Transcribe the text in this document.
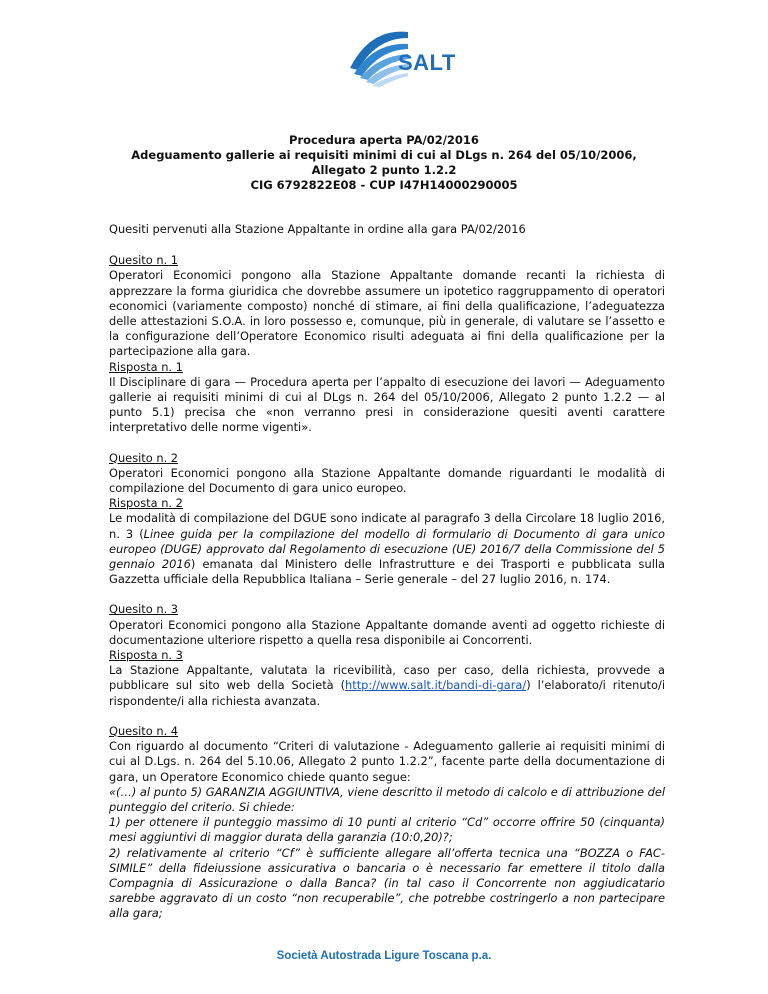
SALT
Procedura aperta PA/02/2016
Adeguamento gallerie ai requisiti minimi di cui al DLgs n. 264 del 05/10/2006,
Allegato 2 punto 1.2.2
CIG 6792822E08 - CUP I47H14000290005

Quesiti pervenuti alla Stazione Appaltante in ordine alla gara PA/02/2016

Quesito n. 1

Operatori Economici pongono alla Stazione Appaltante domande recanti la richiesta di apprezzare la forma giuridica che dovrebbe assumere un ipotetico raggruppamento di operatori economici (variamente composto) nonché di stimare, ai fini della qualificazione, l’adeguatezza delle attestazioni S.O.A. in loro possesso e, comunque, più in generale, di valutare se l’assetto e la configurazione dell’Operatore Economico risulti adeguata ai fini della qualificazione per la partecipazione alla gara.

Risposta n. 1

Il Disciplinare di gara — Procedura aperta per l’appalto di esecuzione dei lavori — Adeguamento gallerie ai requisiti minimi di cui al DLgs n. 264 del 05/10/2006, Allegato 2 punto 1.2.2 — al punto 5.1) precisa che «non verranno presi in considerazione quesiti aventi carattere interpretativo delle norme vigenti».

Quesito n. 2

Operatori Economici pongono alla Stazione Appaltante domande riguardanti le modalità di compilazione del Documento di gara unico europeo.

Risposta n. 2

Le modalità di compilazione del DGUE sono indicate al paragrafo 3 della Circolare 18 luglio 2016, n. 3 (Linee guida per la compilazione del modello di formulario di Documento di gara unico europeo (DUGE) approvato dal Regolamento di esecuzione (UE) 2016/7 della Commissione del 5 gennaio 2016) emanata dal Ministero delle Infrastrutture e dei Trasporti e pubblicata sulla Gazzetta ufficiale della Repubblica Italiana – Serie generale – del 27 luglio 2016, n. 174.

Quesito n. 3

Operatori Economici pongono alla Stazione Appaltante domande aventi ad oggetto richieste di documentazione ulteriore rispetto a quella resa disponibile ai Concorrenti.

Risposta n. 3

La Stazione Appaltante, valutata la ricevibilità, caso per caso, della richiesta, provvede a pubblicare sul sito web della Società (http://www.salt.it/bandi-di-gara/) l’elaborato/i ritenuto/i rispondente/i alla richiesta avanzata.

Quesito n. 4

Con riguardo al documento “Criteri di valutazione - Adeguamento gallerie ai requisiti minimi di cui al D.Lgs. n. 264 del 5.10.06, Allegato 2 punto 1.2.2”, facente parte della documentazione di gara, un Operatore Economico chiede quanto segue:

«(…) al punto 5) GARANZIA AGGIUNTIVA, viene descritto il metodo di calcolo e di attribuzione del punteggio del criterio. Si chiede:

1) per ottenere il punteggio massimo di 10 punti al criterio “Cd” occorre offrire 50 (cinquanta) mesi aggiuntivi di maggior durata della garanzia (10:0,20)?;

2) relativamente al criterio “Cf” è sufficiente allegare all’offerta tecnica una “BOZZA o FAC-SIMILE” della fideiussione assicurativa o bancaria o è necessario far emettere il titolo dalla Compagnia di Assicurazione o dalla Banca? (in tal caso il Concorrente non aggiudicatario sarebbe aggravato di un costo “non recuperabile”, che potrebbe costringerlo a non partecipare alla gara;

Società Autostrada Ligure Toscana p.a.
